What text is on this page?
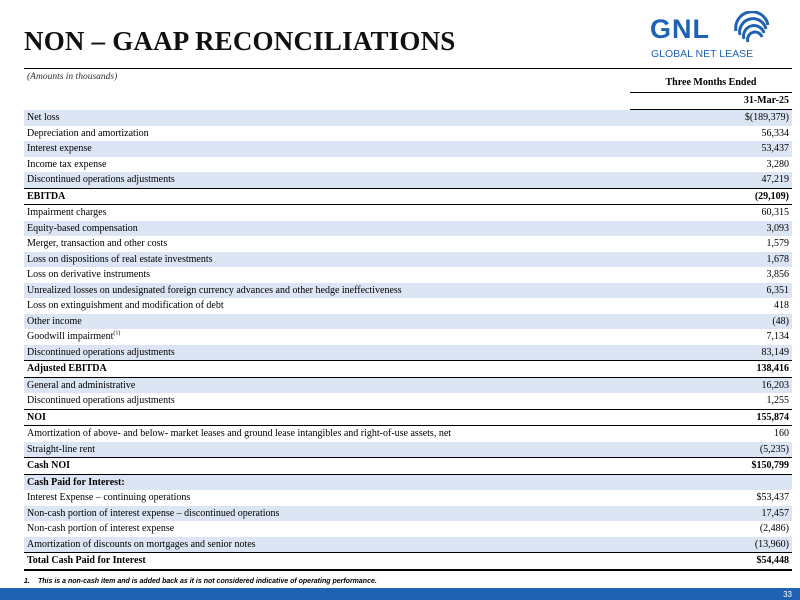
NON – GAAP RECONCILIATIONS	GNL
GLOBAL NET LEASE
(Amounts in thousands)	Three Months Ended
	31-Mar-25
Net loss	$(189,379)
Depreciation and amortization	56,334
Interest expense	53,437
Income tax expense	3,280
Discontinued operations adjustments	47,219
EBITDA	(29,109)
Impairment charges	60,315
Equity-based compensation	3,093
Merger, transaction and other costs	1,579
Loss on dispositions of real estate investments	1,678
Loss on derivative instruments	3,856
Unrealized losses on undesignated foreign currency advances and other hedge ineffectiveness	6,351
Loss on extinguishment and modification of debt	418
Other income	(48)
Goodwill impairment$^{(1)}$	7,134
Discontinued operations adjustments	83,149
Adjusted EBITDA	138,416
General and administrative	16,203
Discontinued operations adjustments	1,255
NOI	155,874
Amortization of above- and below- market leases and ground lease intangibles and right-of-use assets, net	160
Straight-line rent	(5,235)
Cash NOI	$150,799
Cash Paid for Interest:	
Interest Expense – continuing operations	$53,437
Non-cash portion of interest expense – discontinued operations	17,457
Non-cash portion of interest expense	(2,486)
Amortization of discounts on mortgages and senior notes	(13,960)
Total Cash Paid for Interest	$54,448
1. This is a non-cash item and is added back as it is not considered indicative of operating performance.
33
